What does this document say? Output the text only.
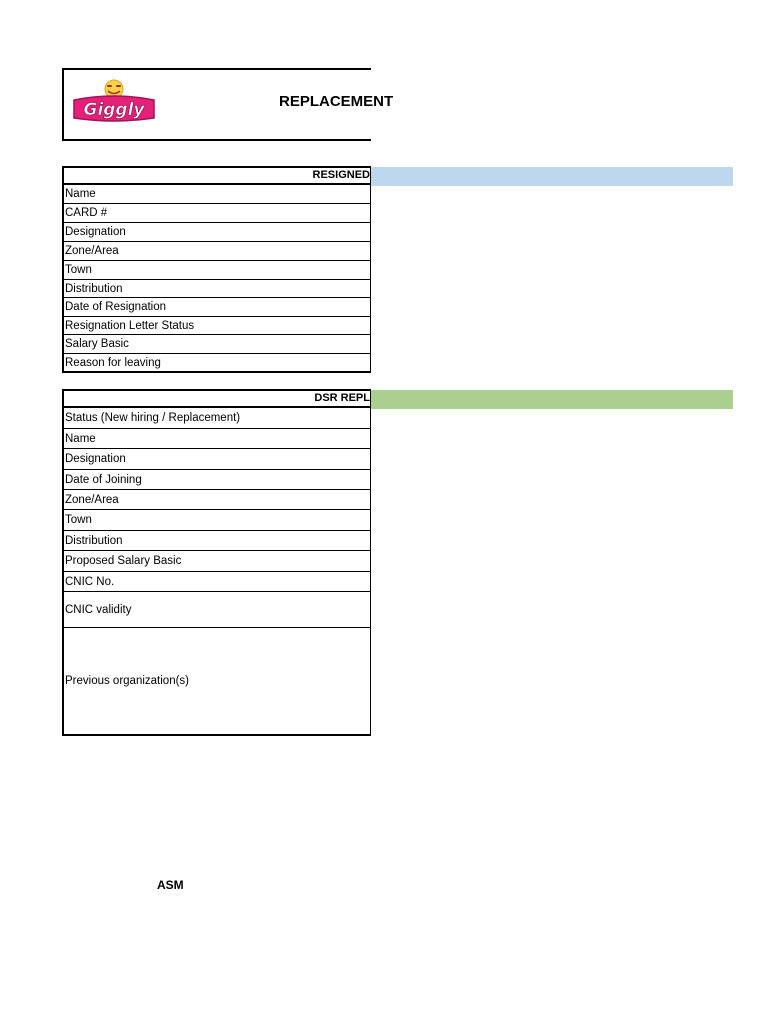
Giggly	REPLACEMENT
RESIGNED
Name
CARD #
Designation
Zone/Area
Town
Distribution
Date of Resignation
Resignation Letter Status
Salary Basic
Reason for leaving
DSR REPL
Status (New hiring / Replacement)
Name
Designation
Date of Joining
Zone/Area
Town
Distribution
Proposed Salary Basic
CNIC No.
CNIC validity
Previous organization(s)
ASM
